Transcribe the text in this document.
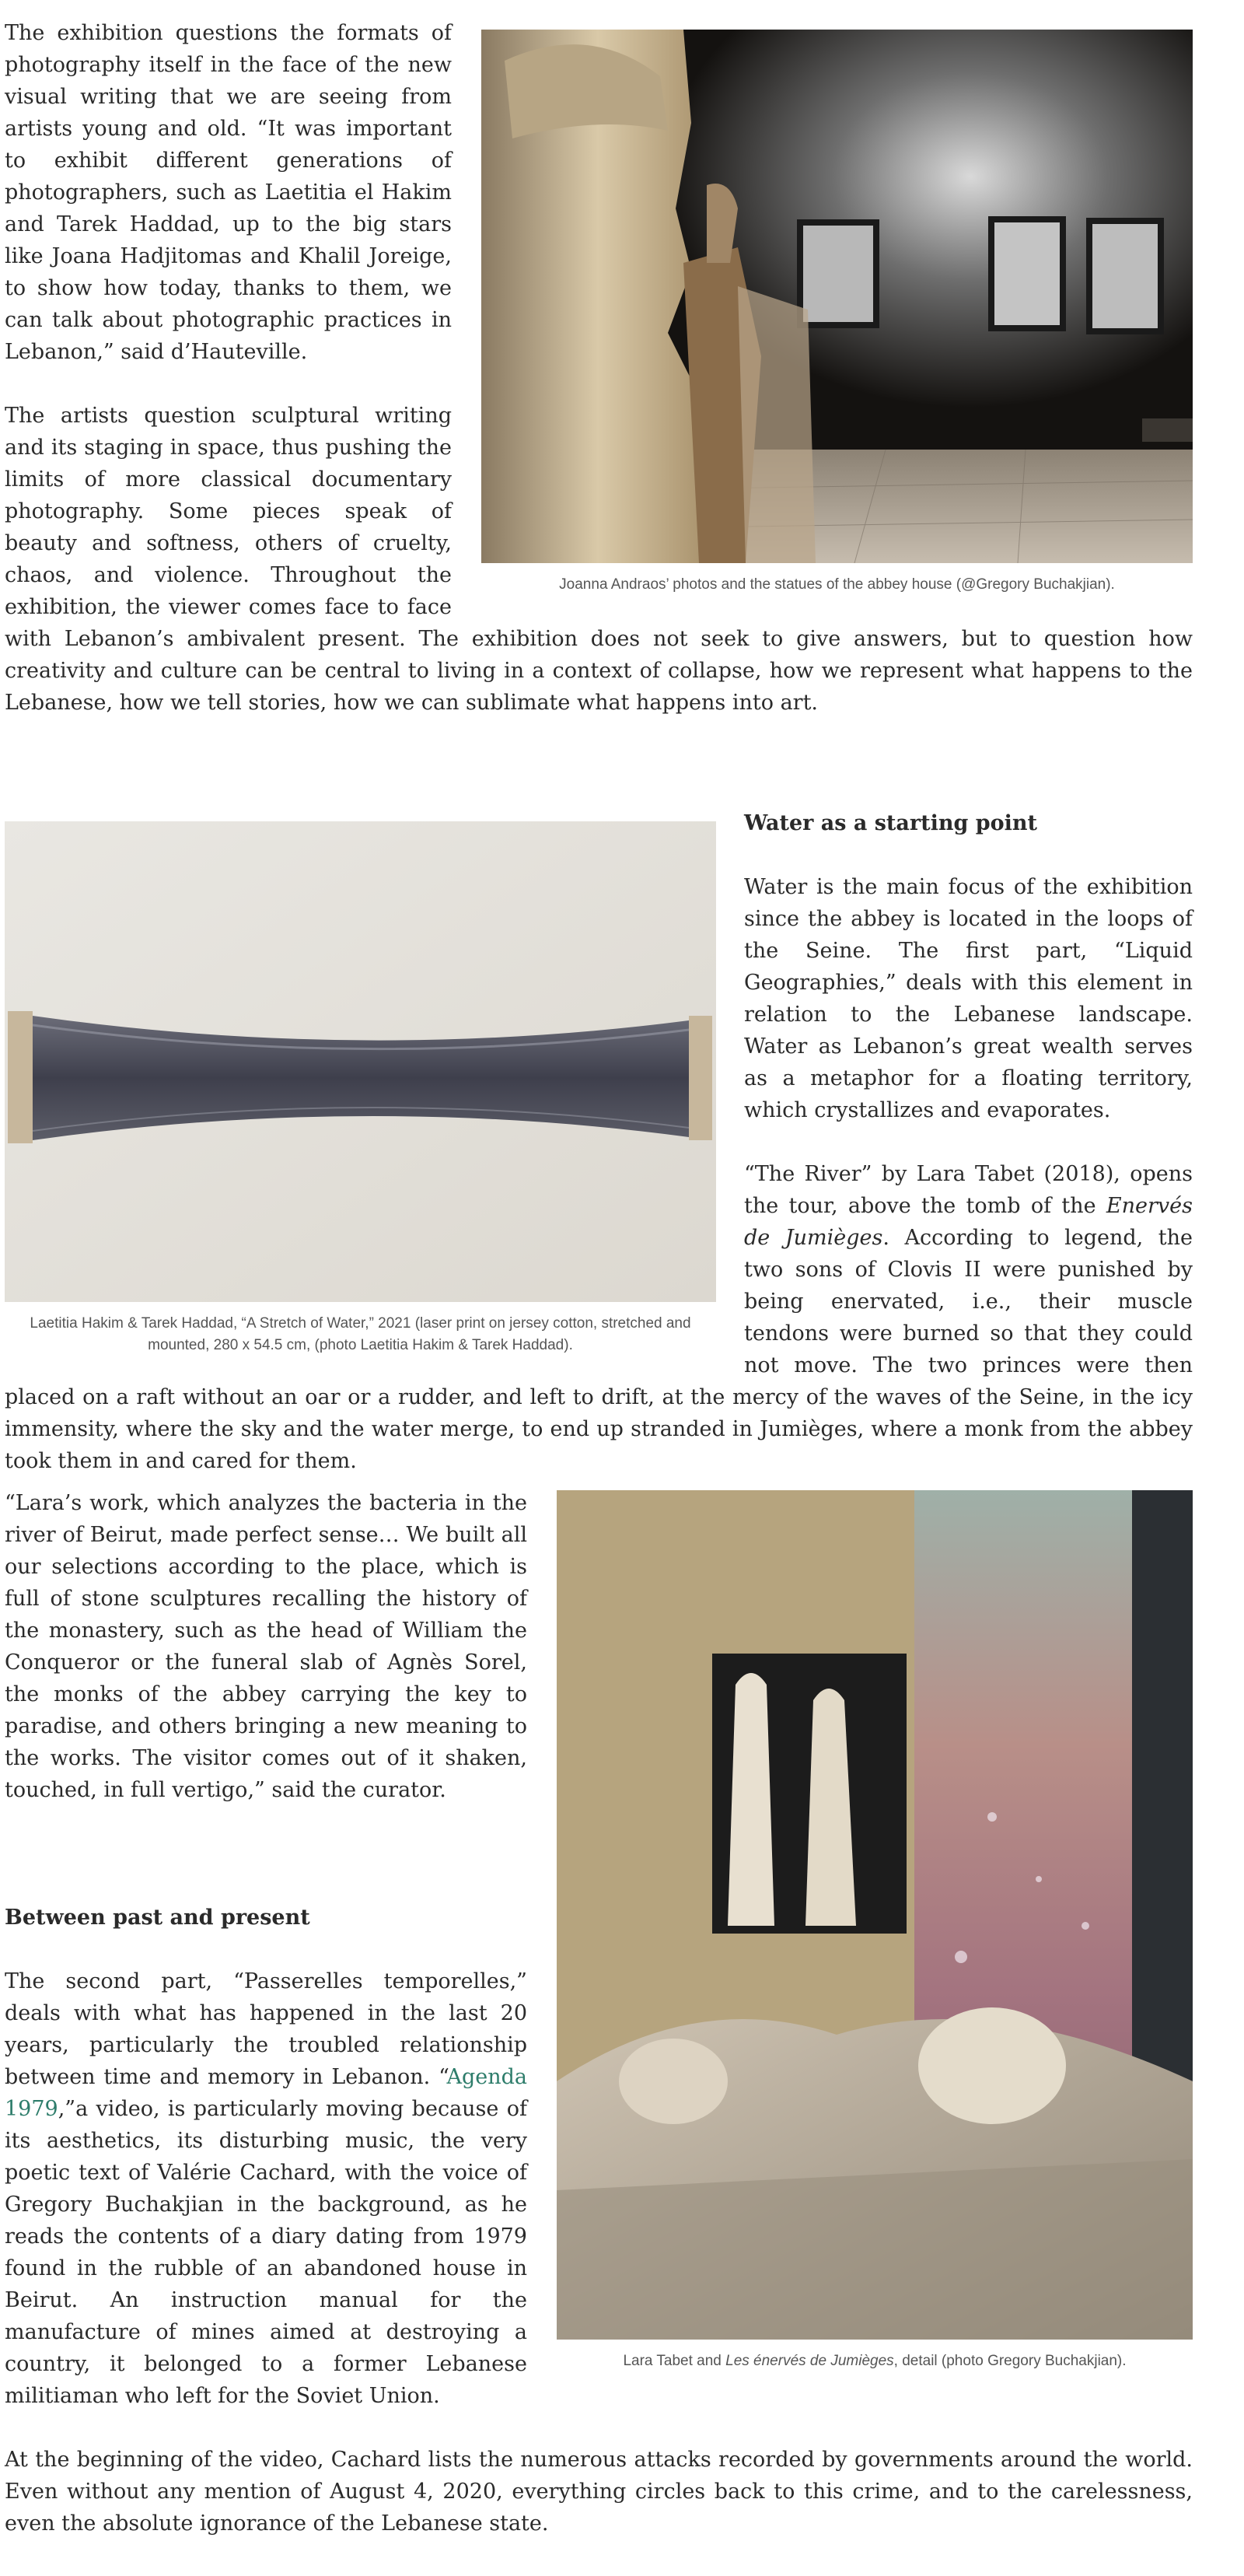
Joanna Andraos’ photos and the statues of the abbey house (@Gregory Buchakjian).

The exhibition questions the formats of photography itself in the face of the new visual writing that we are seeing from artists young and old. “It was important to exhibit different generations of photographers, such as Laetitia el Hakim and Tarek Haddad, up to the big stars like Joana Hadjitomas and Khalil Joreige, to show how today, thanks to them, we can talk about photographic practices in Lebanon,” said d’Hauteville.

The artists question sculptural writing and its staging in space, thus pushing the limits of more classical documentary photography. Some pieces speak of beauty and softness, others of cruelty, chaos, and violence. Throughout the exhibition, the viewer comes face to face with Lebanon’s ambivalent present. The exhibition does not seek to give answers, but to question how creativity and culture can be central to living in a context of collapse, how we represent what happens to the Lebanese, how we tell stories, how we can sublimate what happens into art.

Laetitia Hakim & Tarek Haddad, “A Stretch of Water,” 2021 (laser print on jersey cotton, stretched and mounted, 280 x 54.5 cm, (photo Laetitia Hakim & Tarek Haddad).
Water as a starting point

Water is the main focus of the exhibition since the abbey is located in the loops of the Seine. The first part, “Liquid Geographies,” deals with this element in relation to the Lebanese landscape. Water as Lebanon’s great wealth serves as a metaphor for a floating territory, which crystallizes and evaporates.

“The River” by Lara Tabet (2018), opens the tour, above the tomb of the Enervés de Jumièges. According to legend, the two sons of Clovis II were punished by being enervated, i.e., their muscle tendons were burned so that they could not move. The two princes were then placed on a raft without an oar or a rudder, and left to drift, at the mercy of the waves of the Seine, in the icy immensity, where the sky and the water merge, to end up stranded in Jumièges, where a monk from the abbey took them in and cared for them.

Lara Tabet and Les énervés de Jumièges, detail (photo Gregory Buchakjian).

“Lara’s work, which analyzes the bacteria in the river of Beirut, made perfect sense… We built all our selections according to the place, which is full of stone sculptures recalling the history of the monastery, such as the head of William the Conqueror or the funeral slab of Agnès Sorel, the monks of the abbey carrying the key to paradise, and others bringing a new meaning to the works. The visitor comes out of it shaken, touched, in full vertigo,” said the curator.

Between past and present

The second part, “Passerelles temporelles,” deals with what has happened in the last 20 years, particularly the troubled relationship between time and memory in Lebanon. “Agenda 1979,”a video, is particularly moving because of its aesthetics, its disturbing music, the very poetic text of Valérie Cachard, with the voice of Gregory Buchakjian in the background, as he reads the contents of a diary dating from 1979 found in the rubble of an abandoned house in Beirut. An instruction manual for the manufacture of mines aimed at destroying a country, it belonged to a former Lebanese militiaman who left for the Soviet Union.

At the beginning of the video, Cachard lists the numerous attacks recorded by governments around the world. Even without any mention of August 4, 2020, everything circles back to this crime, and to the carelessness, even the absolute ignorance of the Lebanese state.
